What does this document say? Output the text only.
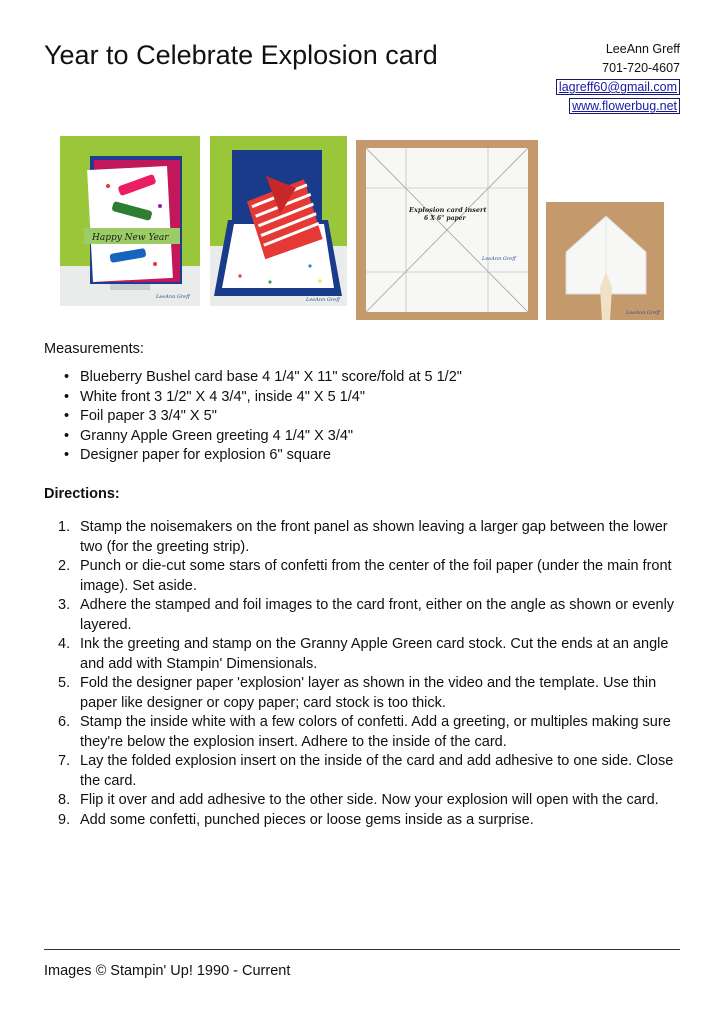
Year to Celebrate Explosion card	LeeAnn Greff
701-720-4607
lagreff60@gmail.com
www.flowerbug.net
Happy New Year
LeeAnn Greff	LeeAnn Greff
Explosion card insert
6 X 6" paper
LeeAnn Greff
LeeAnn Greff
Measurements:
• Blueberry Bushel card base 4 1/4" X 11" score/fold at 5 1/2"
• White front 3 1/2" X 4 3/4", inside 4" X 5 1/4"
• Foil paper 3 3/4" X 5"
• Granny Apple Green greeting 4 1/4" X 3/4"
• Designer paper for explosion 6" square
Directions:
1. Stamp the noisemakers on the front panel as shown leaving a larger gap between the lower
two (for the greeting strip).
2. Punch or die-cut some stars of confetti from the center of the foil paper (under the main front
image). Set aside.
3. Adhere the stamped and foil images to the card front, either on the angle as shown or evenly
layered.
4. Ink the greeting and stamp on the Granny Apple Green card stock. Cut the ends at an angle
and add with Stampin' Dimensionals.
5. Fold the designer paper 'explosion' layer as shown in the video and the template. Use thin
paper like designer or copy paper; card stock is too thick.
6. Stamp the inside white with a few colors of confetti. Add a greeting, or multiples making sure
they're below the explosion insert. Adhere to the inside of the card.
7. Lay the folded explosion insert on the inside of the card and add adhesive to one side. Close
the card.
8. Flip it over and add adhesive to the other side. Now your explosion will open with the card.
9. Add some confetti, punched pieces or loose gems inside as a surprise.
Images © Stampin' Up! 1990 - Current
